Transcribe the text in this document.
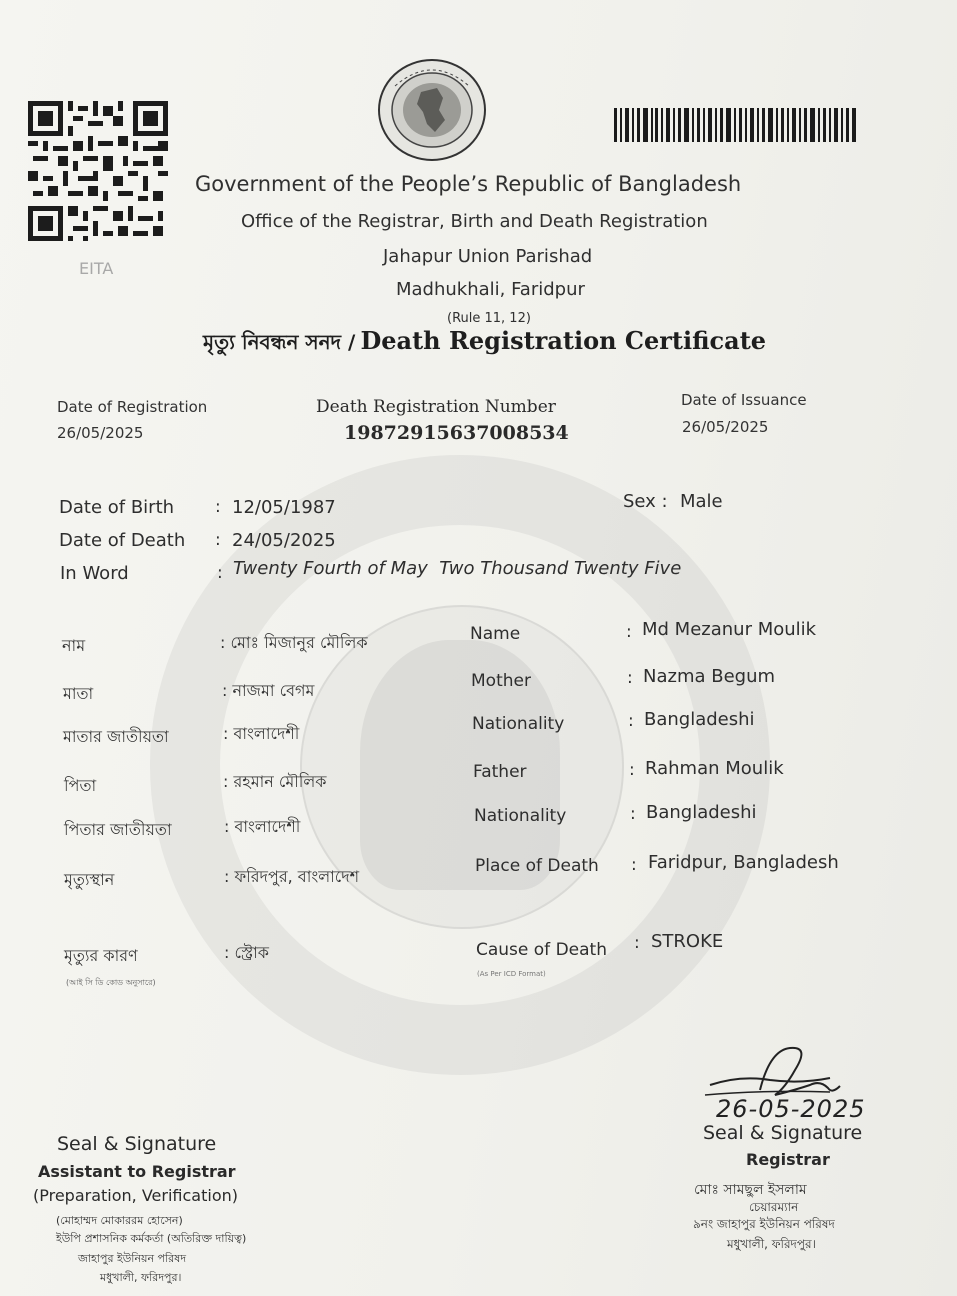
EITA
Government of the People’s Republic of Bangladesh
Office of the Registrar, Birth and Death Registration
Jahapur Union Parishad
Madhukhali, Faridpur
(Rule 11, 12)
মৃত্যু নিবন্ধন সনদ / Death Registration Certificate
Date of Registration
26/05/2025
Death Registration Number
19872915637008534
Date of Issuance
26/05/2025
Date of Birth : 12/05/1987
Date of Death : 24/05/2025
In Word	: Twenty Fourth of May  Two Thousand Twenty Five
Sex : Male
নাম	: মোঃ মিজানুর মৌলিক
মাতা	: নাজমা বেগম
মাতার জাতীয়তা	: বাংলাদেশী
পিতা	: রহমান মৌলিক
পিতার জাতীয়তা	: বাংলাদেশী
মৃত্যুস্থান	: ফরিদপুর, বাংলাদেশ
মৃত্যুর কারণ
(আই সি ডি কোড অনুসারে)
: স্ট্রোক
Name	: Md Mezanur Moulik
Mother	: Nazma Begum
Nationality	: Bangladeshi
Father	: Rahman Moulik
Nationality	: Bangladeshi
Place of Death : Faridpur, Bangladesh
Cause of Death
(As Per ICD Format)
: STROKE
Seal & Signature
Assistant to Registrar
(Preparation, Verification)
(মোহাম্মদ মোকাররম হোসেন)
ইউপি প্রশাসনিক কর্মকর্তা (অতিরিক্ত দায়িত্ব)
জাহাপুর ইউনিয়ন পরিষদ
মধুখালী, ফরিদপুর।
26-05-2025
Seal & Signature
Registrar
মোঃ সামছুল ইসলাম
চেয়ারম্যান
৯নং জাহাপুর ইউনিয়ন পরিষদ
মধুখালী, ফরিদপুর।
